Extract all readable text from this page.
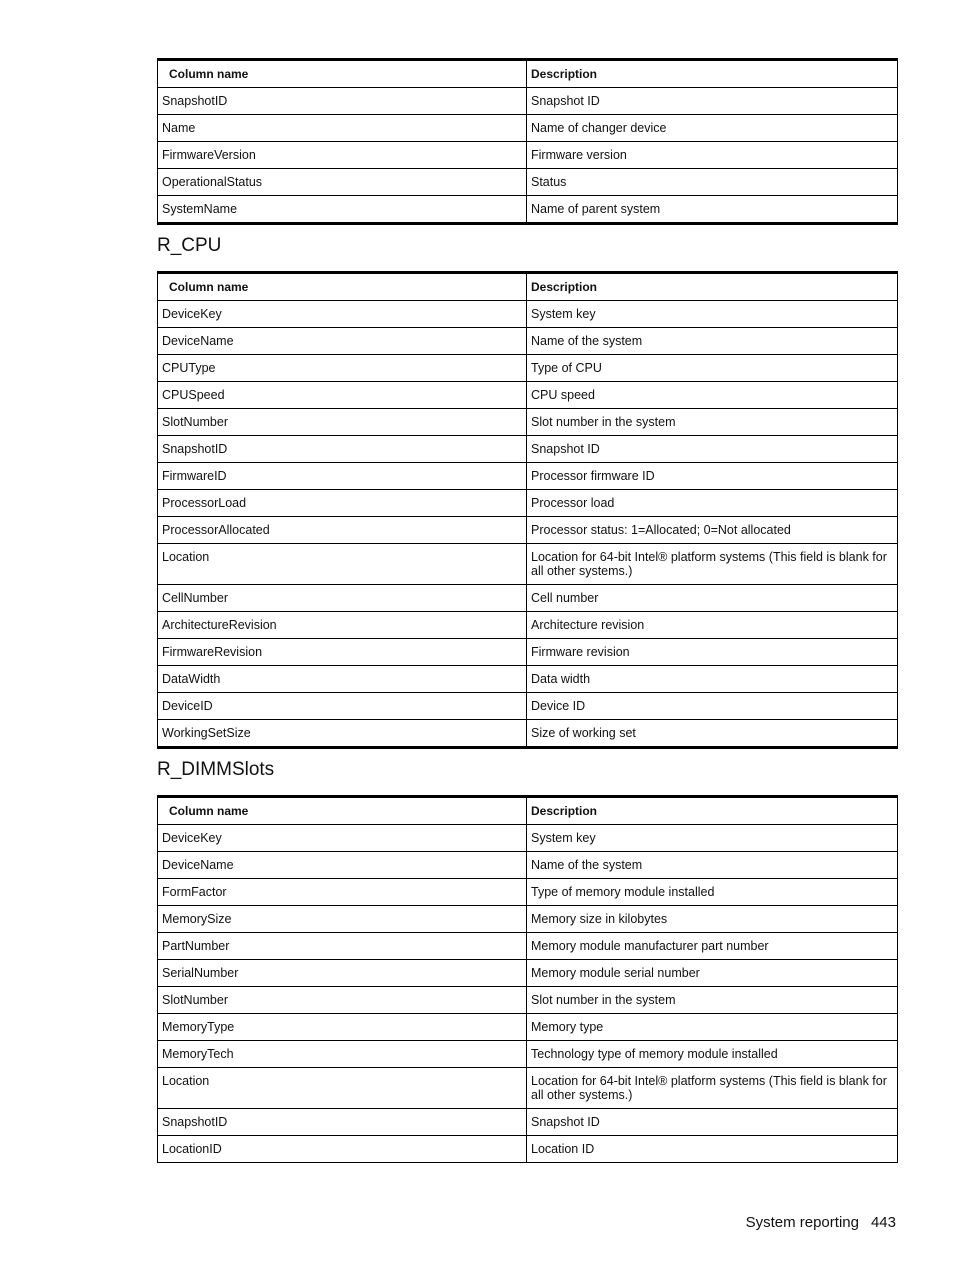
Column name	Description
SnapshotID	Snapshot ID
Name	Name of changer device
FirmwareVersion	Firmware version
OperationalStatus	Status
SystemName	Name of parent system
R_CPU
Column name	Description
DeviceKey	System key
DeviceName	Name of the system
CPUType	Type of CPU
CPUSpeed	CPU speed
SlotNumber	Slot number in the system
SnapshotID	Snapshot ID
FirmwareID	Processor firmware ID
ProcessorLoad	Processor load
ProcessorAllocated	Processor status: 1=Allocated; 0=Not allocated
Location	Location for 64-bit Intel® platform systems (This field is blank for all other systems.)
CellNumber	Cell number
ArchitectureRevision	Architecture revision
FirmwareRevision	Firmware revision
DataWidth	Data width
DeviceID	Device ID
WorkingSetSize	Size of working set
R_DIMMSlots
Column name	Description
DeviceKey	System key
DeviceName	Name of the system
FormFactor	Type of memory module installed
MemorySize	Memory size in kilobytes
PartNumber	Memory module manufacturer part number
SerialNumber	Memory module serial number
SlotNumber	Slot number in the system
MemoryType	Memory type
MemoryTech	Technology type of memory module installed
Location	Location for 64-bit Intel® platform systems (This field is blank for all other systems.)
SnapshotID	Snapshot ID
LocationID	Location ID
System reporting 443
